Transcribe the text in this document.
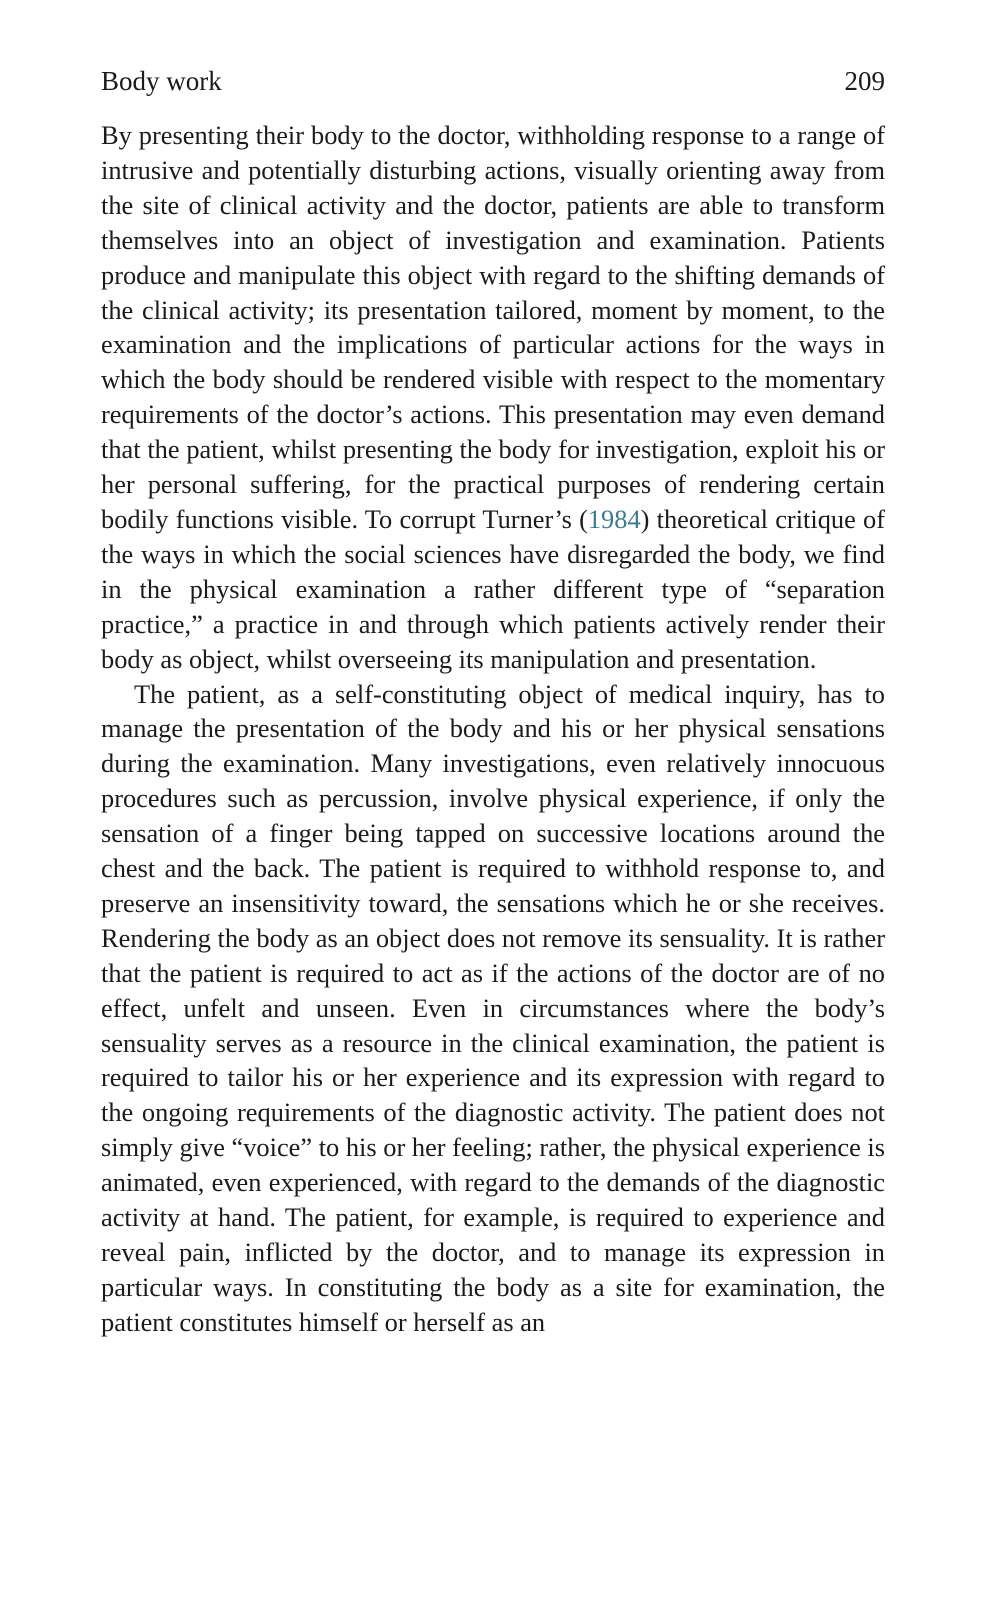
Body work	209

By presenting their body to the doctor, withholding response to a range of intrusive and potentially disturbing actions, visually orienting away from the site of clinical activity and the doctor, patients are able to transform themselves into an object of investigation and examination. Patients produce and manipulate this object with regard to the shifting demands of the clinical activity; its presentation tailored, moment by moment, to the examination and the implications of particular actions for the ways in which the body should be rendered visible with respect to the momentary requirements of the doctor’s actions. This presentation may even demand that the patient, whilst presenting the body for investigation, exploit his or her personal suffering, for the practical purposes of rendering certain bodily functions visible. To corrupt Turner’s (1984) theoretical critique of the ways in which the social sciences have disregarded the body, we find in the physical examination a rather different type of “separation practice,” a practice in and through which patients actively render their body as object, whilst overseeing its manipulation and presentation.

The patient, as a self-constituting object of medical inquiry, has to manage the presentation of the body and his or her physical sensations during the examination. Many investigations, even relatively innocuous procedures such as percussion, involve physical experience, if only the sensation of a finger being tapped on successive locations around the chest and the back. The patient is required to withhold response to, and preserve an insensitivity toward, the sensations which he or she receives. Rendering the body as an object does not remove its sensuality. It is rather that the patient is required to act as if the actions of the doctor are of no effect, unfelt and unseen. Even in circumstances where the body’s sensuality serves as a resource in the clinical examination, the patient is required to tailor his or her experience and its expression with regard to the ongoing requirements of the diagnostic activity. The patient does not simply give “voice” to his or her feeling; rather, the physical experience is animated, even experienced, with regard to the demands of the diagnostic activity at hand. The patient, for example, is required to experience and reveal pain, inflicted by the doctor, and to manage its expression in particular ways. In constituting the body as a site for examination, the patient constitutes himself or herself as an
